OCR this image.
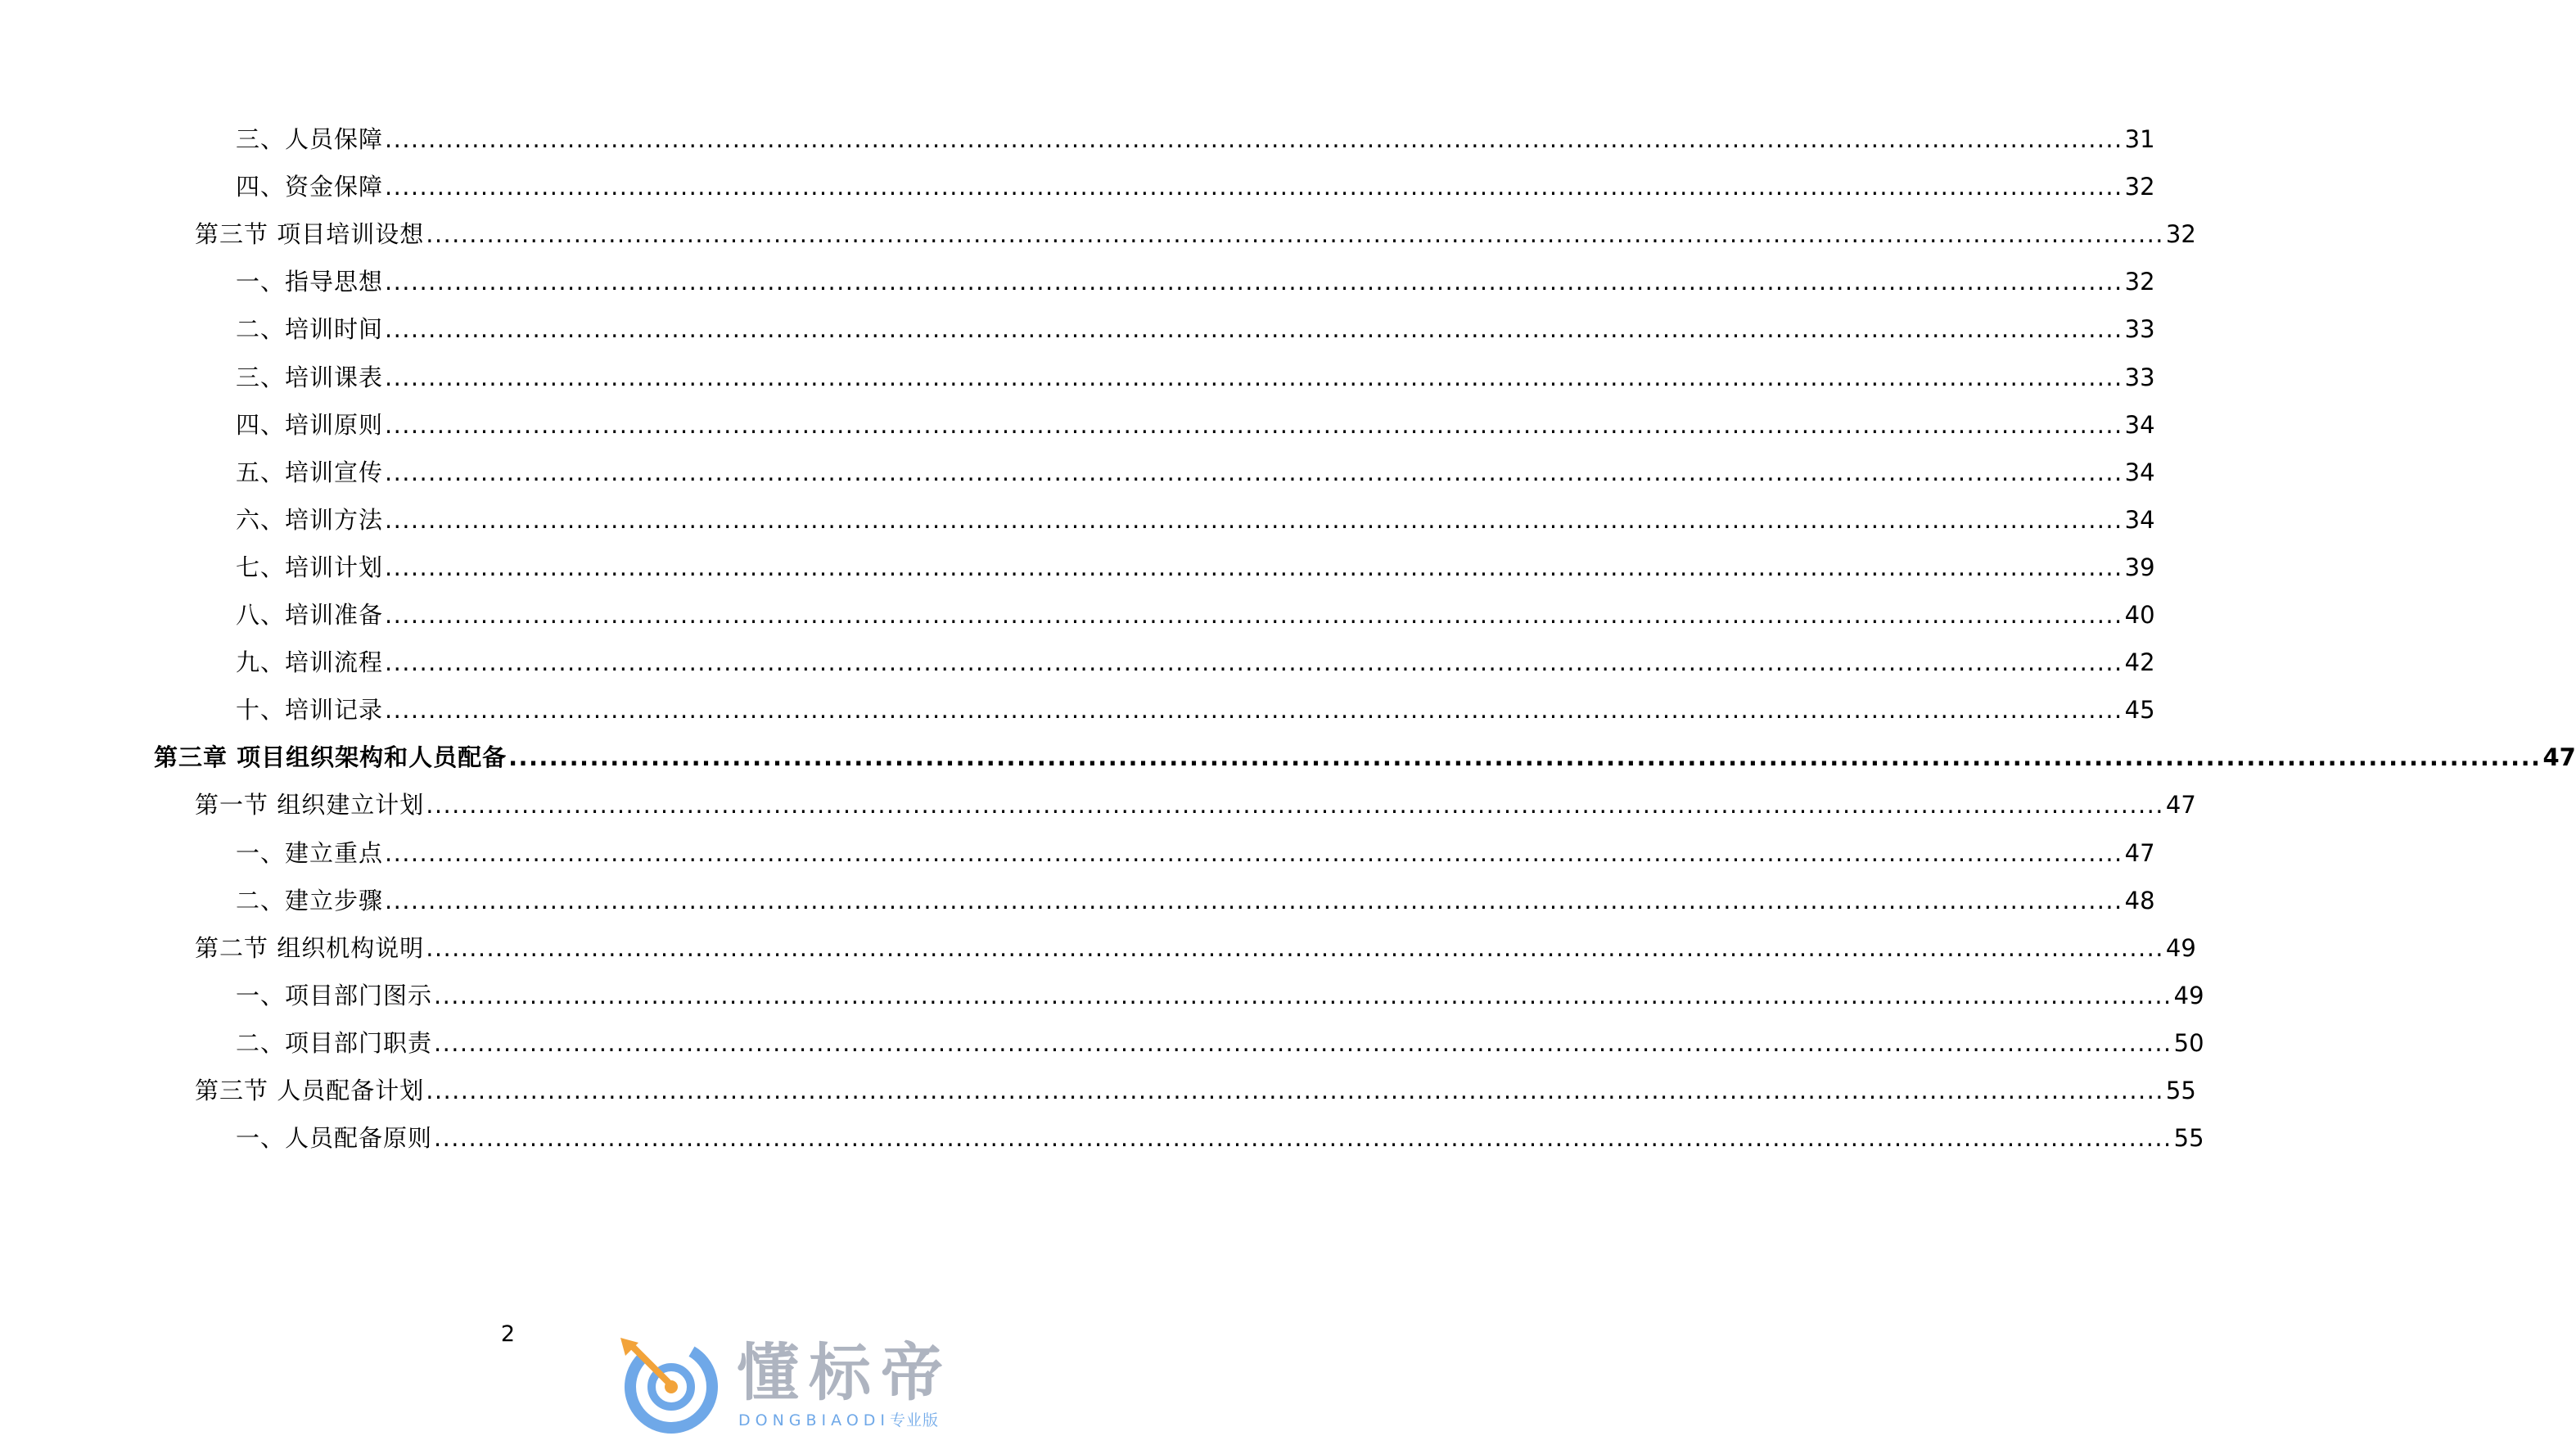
三、人员保障 ........................................................................................................................................................................................................ 31
四、资金保障 ........................................................................................................................................................................................................ 32
第三节 项目培训设想 ........................................................................................................................................................................................................ 32
一、指导思想 ........................................................................................................................................................................................................ 32
二、培训时间 ........................................................................................................................................................................................................ 33
三、培训课表 ........................................................................................................................................................................................................ 33
四、培训原则 ........................................................................................................................................................................................................ 34
五、培训宣传 ........................................................................................................................................................................................................ 34
六、培训方法 ........................................................................................................................................................................................................ 34
七、培训计划 ........................................................................................................................................................................................................ 39
八、培训准备 ........................................................................................................................................................................................................ 40
九、培训流程 ........................................................................................................................................................................................................ 42
十、培训记录 ........................................................................................................................................................................................................ 45
第三章 项目组织架构和人员配备 ........................................................................................................................................................................................................ 47
第一节 组织建立计划 ........................................................................................................................................................................................................ 47
一、建立重点 ........................................................................................................................................................................................................ 47
二、建立步骤 ........................................................................................................................................................................................................ 48
第二节 组织机构说明 ........................................................................................................................................................................................................ 49
一、项目部门图示 ........................................................................................................................................................................................................ 49
二、项目部门职责 ........................................................................................................................................................................................................ 50
第三节 人员配备计划 ........................................................................................................................................................................................................ 55
一、人员配备原则 ........................................................................................................................................................................................................ 55
2
懂标帝
DONGBIAODI专业版
